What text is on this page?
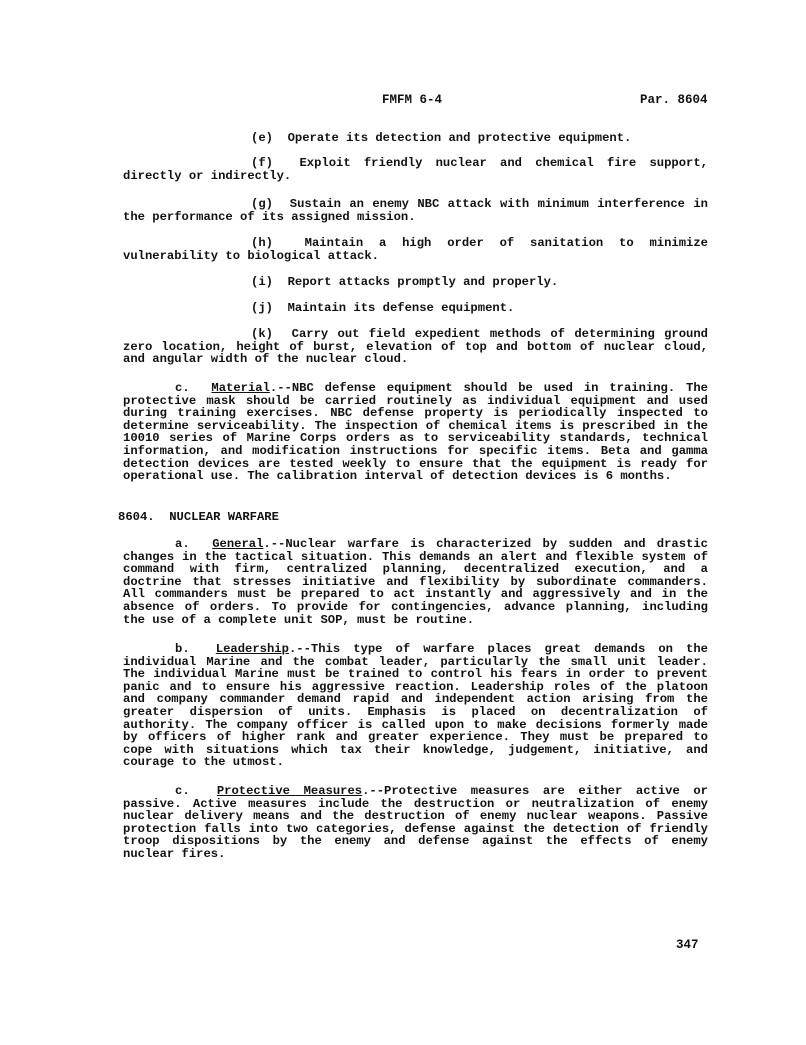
FMFM 6-4	Par. 8604
(e) Operate its detection and protective equipment.
(f) Exploit friendly nuclear and chemical fire support, directly or indirectly.
(g) Sustain an enemy NBC attack with minimum interference in the performance of its assigned mission.
(h)	Maintain a high order of sanitation to minimize vulnerability to biological attack.
(i) Report attacks promptly and properly.
(j) Maintain its defense equipment.
(k) Carry out field expedient methods of determining ground zero location, height of burst, elevation of top and bottom of nuclear cloud, and angular width of the nuclear cloud.
c. Material.--NBC defense equipment should be used in training. The protective mask should be carried routinely as individual equipment and used during training exercises. NBC defense property is periodically inspected to determine serviceability. The inspection of chemical items is prescribed in the 10010 series of Marine Corps orders as to serviceability standards, technical information, and modification instructions for specific items. Beta and gamma detection devices are tested weekly to ensure that the equipment is ready for operational use. The calibration interval of detection devices is 6 months.
8604. NUCLEAR WARFARE
a. General.--Nuclear warfare is characterized by sudden and drastic changes in the tactical situation. This demands an alert and flexible system of command with firm, centralized planning, decentralized execution, and a doctrine that stresses initiative and flexibility by subordinate commanders. All commanders must be prepared to act instantly and aggressively and in the absence of orders. To provide for contingencies, advance planning, including the use of a complete unit SOP, must be routine.
b. Leadership.--This type of warfare places great demands on the individual Marine and the combat leader, particularly the small unit leader. The individual Marine must be trained to control his fears in order to prevent panic and to ensure his aggressive reaction. Leadership roles of the platoon and company commander demand rapid and independent action arising from the greater dispersion of units. Emphasis is placed on decentralization of authority. The company officer is called upon to make decisions formerly made by officers of higher rank and greater experience. They must be prepared to cope with situations which tax their knowledge, judgement, initiative, and courage to the utmost.
c. Protective Measures.--Protective measures are either active or passive. Active measures include the destruction or neutralization of enemy nuclear delivery means and the destruction of enemy nuclear weapons. Passive protection falls into two categories, defense against the detection of friendly troop dispositions by the enemy and defense against the effects of enemy nuclear fires.
347
